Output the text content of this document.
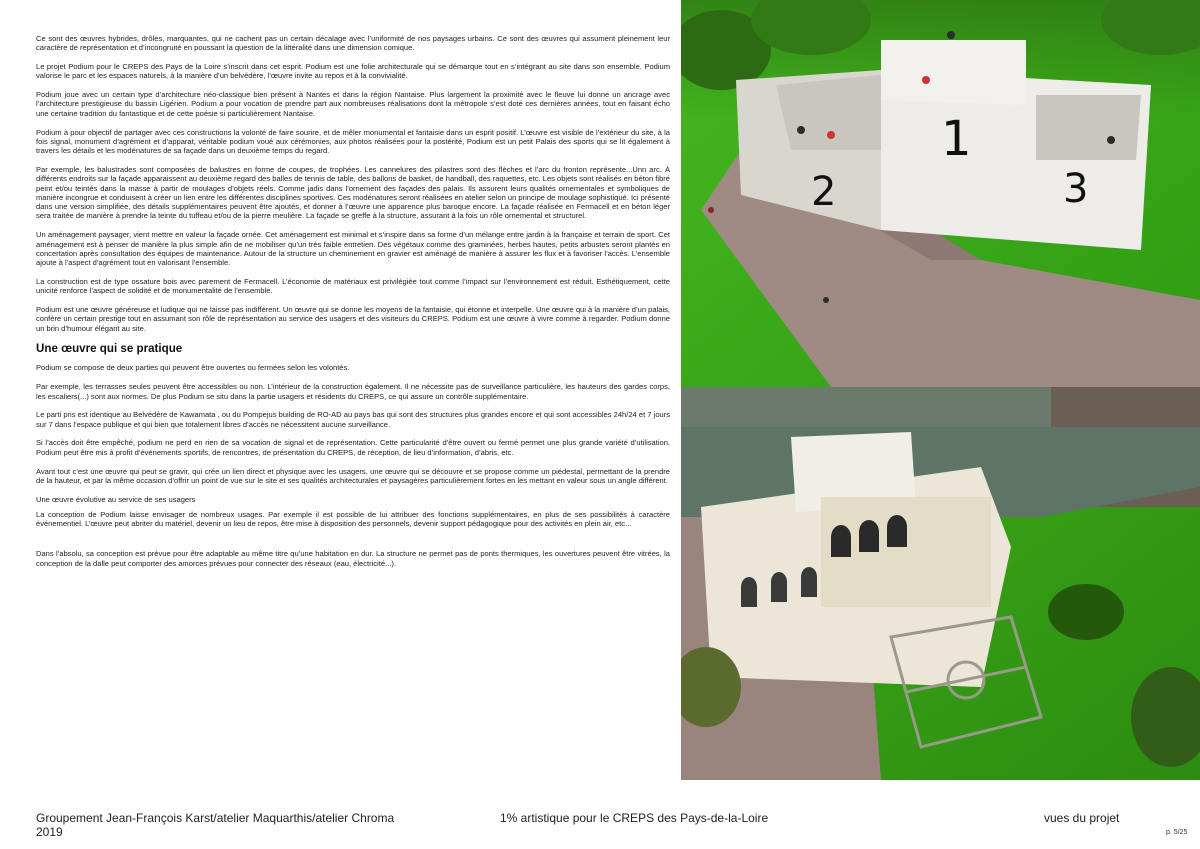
Ce sont des œuvres hybrides, drôles, marquantes, qui ne cachent pas un certain décalage avec l’uniformité de nos paysages urbains. Ce sont des œuvres qui assument pleinement leur caractère de représentation et d’incongruité en poussant la question de la littéralité dans une dimension comique.

Le projet Podium pour le CREPS des Pays de la Loire s’inscrit dans cet esprit. Podium est une folie architecturale qui se démarque tout en s’intégrant au site dans son ensemble. Podium valorise le parc et les espaces naturels, à la manière d’un belvédère, l’œuvre invite au repos et à la convivialité.

Podium joue avec un certain type d’architecture néo-classique bien présent à Nantes et dans la région Nantaise. Plus largement la proximité avec le fleuve lui donne un ancrage avec l’architecture prestigieuse du bassin Ligérien. Podium a pour vocation de prendre part aux nombreuses réalisations dont la métropole s’est doté ces dernières années, tout en faisant écho une certaine tradition du fantastique et de cette poésie si particulièrement Nantaise.

Podium à pour objectif de partager avec ces constructions la volonté de faire sourire, et de mêler monumental et fantaisie dans un esprit positif. L’œuvre est visible de l’extérieur du site, à la fois signal, monument d’agrément et d’apparat, véritable podium voué aux cérémonies, aux photos réalisées pour la postérité, Podium est un petit Palais des sports qui se lit également à travers les détails et les modénatures de sa façade dans un deuxième temps du regard.

Par exemple, les balustrades sont composées de balustres en forme de coupes, de trophées. Les cannelures des pilastres sont des flèches et l’arc du fronton représente...Unn arc. À différents endroits sur la façade apparaissent au deuxième regard des balles de tennis de table, des ballons de basket, de handball, des raquettes, etc. Les objets sont réalisés en béton fibré peint et/ou teintés dans la masse à partir de moulages d’objets réels. Comme jadis dans l’ornement des façades des palais. Ils assurent leurs qualités ornementales et symboliques de manière incongrue et conduisent à créer un lien entre les différentes disciplines sportives. Ces modénatures seront réalisées en atelier selon un principe de moulage sophistiqué. Ici présenté dans une version simplifiée, des détails supplémentaires peuvent être ajoutés, et donner à l’œuvre une apparence plus baroque encore. La façade réalisée en Fermacell et en béton léger sera traitée de manière à prendre la teinte du tuffeau et/ou de la pierre meulière. La façade se greffe à la structure, assurant à la fois un rôle ornemental et structurel.

Un aménagement paysager, vient mettre en valeur la façade ornée. Cet aménagement est minimal et s’inspire dans sa forme d’un mélange entre jardin à la française et terrain de sport. Cet aménagement est à penser de manière la plus simple afin de ne mobiliser qu’un très faible entretien. Des végétaux comme des graminées, herbes hautes, petits arbustes seront plantés en concertation après consultation des équipes de maintenance. Autour de la structure un cheminement en gravier est aménagé de manière à assurer les flux et à favoriser l’accès. L’ensemble ajoute à l’aspect d’agrément tout en valorisant l’ensemble.

La construction est de type ossature bois avec parement de Fermacell. L’économie de matériaux est privilégiée tout comme l’impact sur l’environnement est réduit. Esthétiquement, cette unicité renforce l’aspect de solidité et de monumentalité de l’ensemble.

Podium est une œuvre généreuse et ludique qui ne laisse pas indifférent. Un œuvre qui se donne les moyens de la fantaisie, qui étonne et interpelle. Une œuvre qui à la manière d’un palais, confère un certain prestige tout en assumant son rôle de représentation au service des usagers et des visiteurs du CREPS. Podium est une œuvre à vivre comme à regarder. Podium donne un brin d’humour élégant au site.

Une œuvre qui se pratique

Podium se compose de deux parties qui peuvent être ouvertes ou fermées selon les volontés.

Par exemple, les terrasses seules peuvent être accessibles ou non. L’intérieur de la construction également. Il ne nécessite pas de surveillance particulière, les hauteurs des gardes corps, les escaliers(...) sont aux normes. De plus Podium se situ dans la partie usagers et résidents du CREPS, ce qui assure un contrôle supplémentaire.

Le parti pris est identique au Belvédère de Kawamata , ou du Pompejus building de RO-AD au pays bas qui sont des structures plus grandes encore et qui sont accessibles 24h/24 et 7 jours sur 7 dans l’espace publique et qui bien que totalement libres d’accès ne nécessitent aucune surveillance.

Si l’accès doit être empêché, podium ne perd en rien de sa vocation de signal et de représentation. Cette particularité d’être ouvert ou fermé permet une plus grande variété d’utilisation. Podium peut être mis à profit d’événements sportifs, de rencontres, de présentation du CREPS, de réception, de lieu d’information, d’abris, etc.

Avant tout c’est une œuvre qui peut se gravir, qui crée un lien direct et physique avec les usagers, une œuvre qui se découvre et se propose comme un piédestal, permettant de la prendre de la hauteur, et par la même occasion d’offrir un point de vue sur le site et ses qualités architecturales et paysagères particulièrement fortes en les mettant en valeur sous un angle différent.

Une œuvre évolutive au service de ses usagers

La conception de Podium laisse envisager de nombreux usages. Par exemple il est possible de lui attribuer des fonctions supplémentaires, en plus de ses possibilités à caractère événementiel. L’œuvre peut abriter du matériel, devenir un lieu de repos, être mise à disposition des personnels, devenir support pédagogique pour des activités en plein air, etc...

Dans l’absolu, sa conception est prévue pour être adaptable au même titre qu’une habitation en dur. La structure ne permet pas de ponts thermiques, les ouvertures peuvent être vitrées, la conception de la dalle peut comporter des amorces prévues pour connecter des réseaux (eau, électricité...).

1
2	3
Groupement Jean-François Karst/atelier Maquarthis/atelier Chroma
2019
1% artistique pour le CREPS des Pays-de-la-Loire	vues du projet
p. 5/25
